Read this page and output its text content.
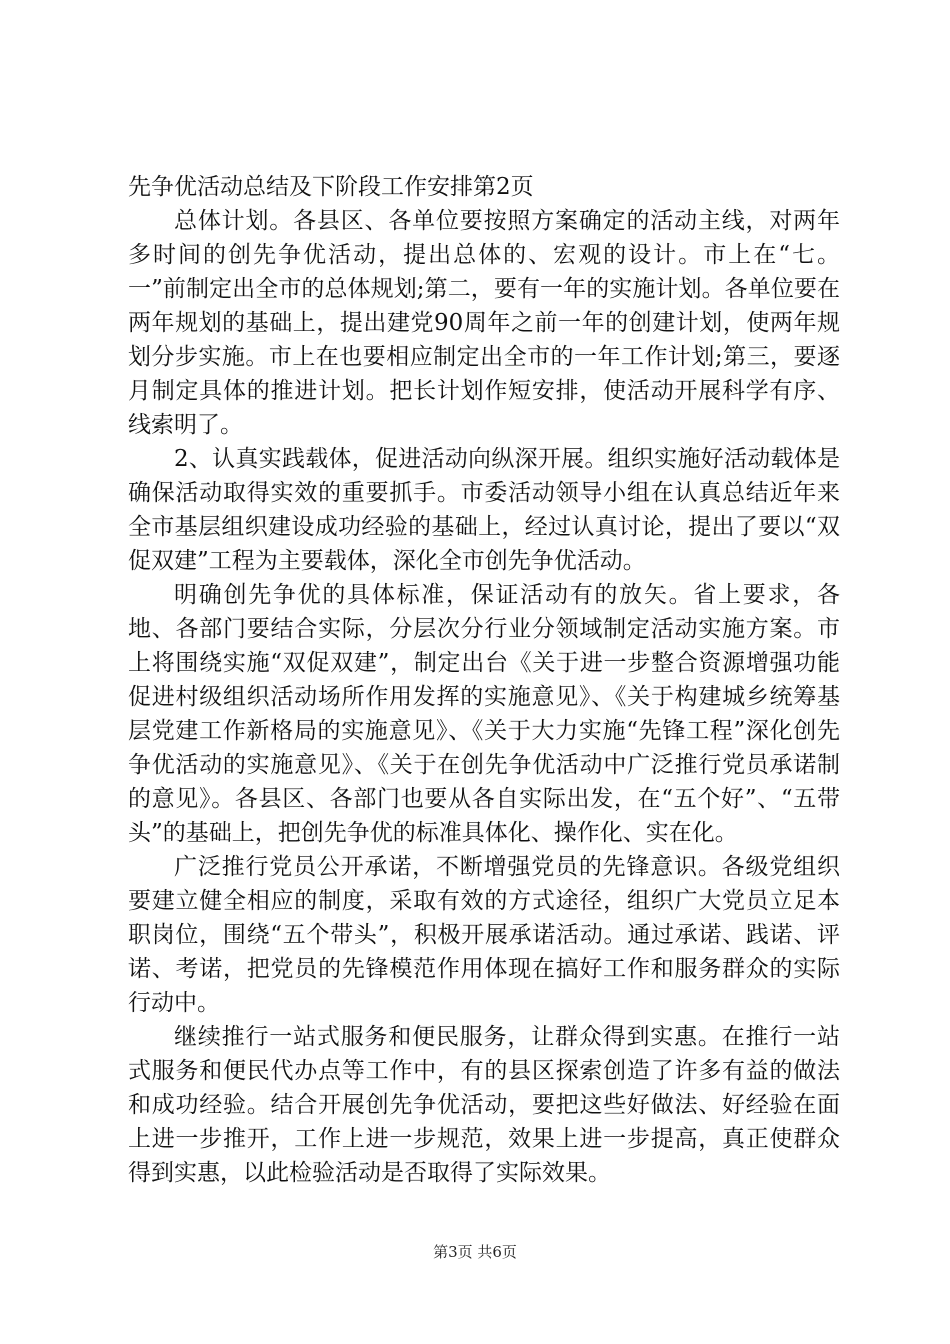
先争优活动总结及下阶段工作安排第2页

总体计划。各县区、各单位要按照方案确定的活动主线，对两年多时间的创先争优活动，提出总体的、宏观的设计。市上在“七。一”前制定出全市的总体规划;第二，要有一年的实施计划。各单位要在两年规划的基础上，提出建党90周年之前一年的创建计划，使两年规划分步实施。市上在也要相应制定出全市的一年工作计划;第三，要逐月制定具体的推进计划。把长计划作短安排，使活动开展科学有序、线索明了。

2、认真实践载体，促进活动向纵深开展。组织实施好活动载体是确保活动取得实效的重要抓手。市委活动领导小组在认真总结近年来全市基层组织建设成功经验的基础上，经过认真讨论，提出了要以“双促双建”工程为主要载体，深化全市创先争优活动。

明确创先争优的具体标准，保证活动有的放矢。省上要求，各地、各部门要结合实际，分层次分行业分领域制定活动实施方案。市上将围绕实施“双促双建”，制定出台《关于进一步整合资源增强功能促进村级组织活动场所作用发挥的实施意见》、《关于构建城乡统筹基层党建工作新格局的实施意见》、《关于大力实施“先锋工程”深化创先争优活动的实施意见》、《关于在创先争优活动中广泛推行党员承诺制的意见》。各县区、各部门也要从各自实际出发，在“五个好”、“五带头”的基础上，把创先争优的标准具体化、操作化、实在化。

广泛推行党员公开承诺，不断增强党员的先锋意识。各级党组织要建立健全相应的制度，采取有效的方式途径，组织广大党员立足本职岗位，围绕“五个带头”，积极开展承诺活动。通过承诺、践诺、评诺、考诺，把党员的先锋模范作用体现在搞好工作和服务群众的实际行动中。

继续推行一站式服务和便民服务，让群众得到实惠。在推行一站式服务和便民代办点等工作中，有的县区探索创造了许多有益的做法和成功经验。结合开展创先争优活动，要把这些好做法、好经验在面上进一步推开，工作上进一步规范，效果上进一步提高，真正使群众得到实惠，以此检验活动是否取得了实际效果。

第3页 共6页
